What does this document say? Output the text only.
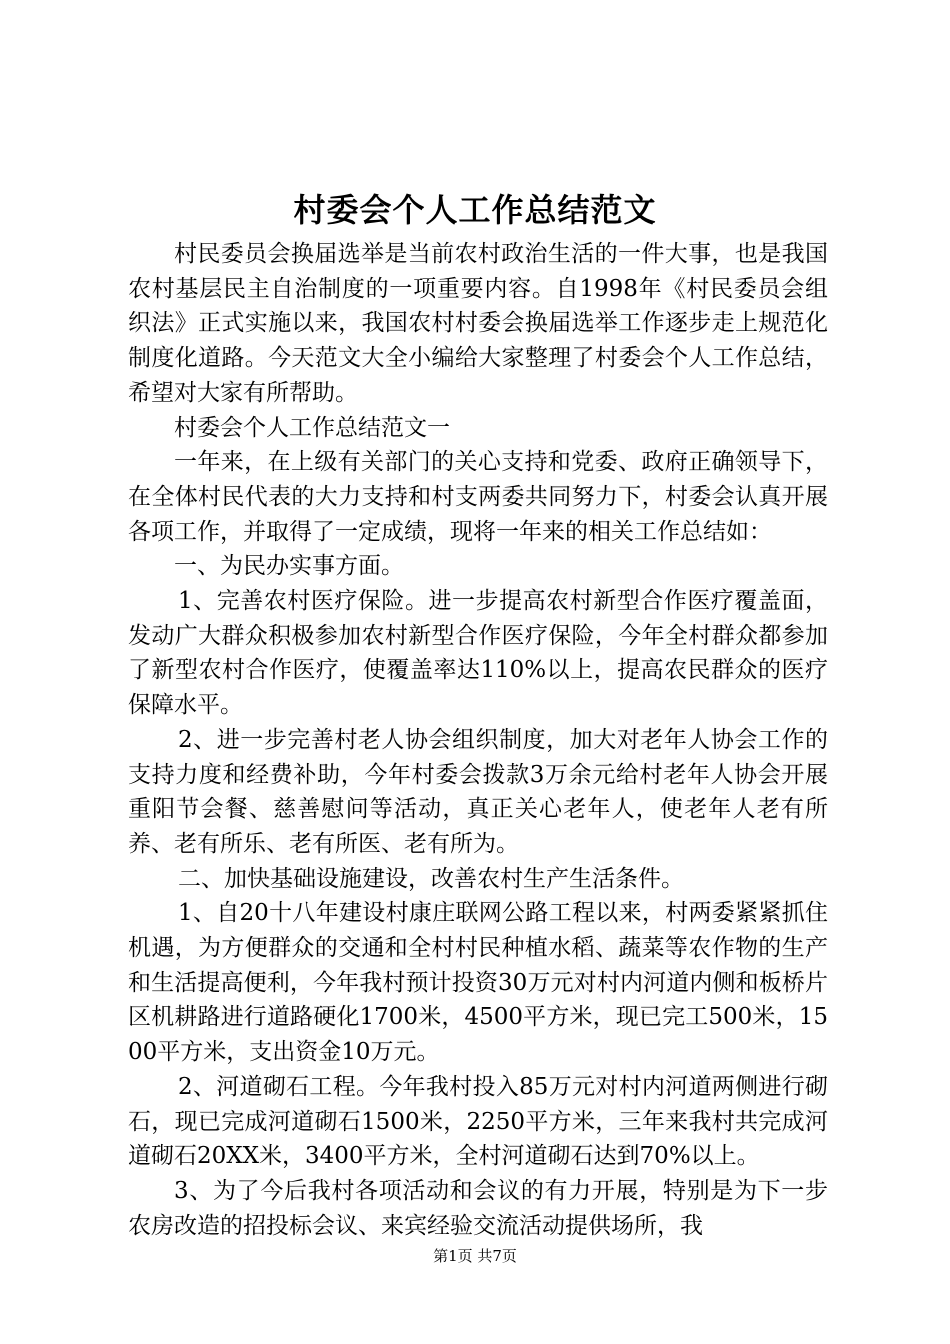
村委会个人工作总结范文

村民委员会换届选举是当前农村政治生活的一件大事，也是我国农村基层民主自治制度的一项重要内容。自1998年《村民委员会组织法》正式实施以来，我国农村村委会换届选举工作逐步走上规范化制度化道路。今天范文大全小编给大家整理了村委会个人工作总结，希望对大家有所帮助。

村委会个人工作总结范文一

一年来，在上级有关部门的关心支持和党委、政府正确领导下，在全体村民代表的大力支持和村支两委共同努力下，村委会认真开展各项工作，并取得了一定成绩，现将一年来的相关工作总结如：

一、为民办实事方面。

1、完善农村医疗保险。进一步提高农村新型合作医疗覆盖面，发动广大群众积极参加农村新型合作医疗保险，今年全村群众都参加了新型农村合作医疗，使覆盖率达110%以上，提高农民群众的医疗保障水平。

2、进一步完善村老人协会组织制度，加大对老年人协会工作的支持力度和经费补助，今年村委会拨款3万余元给村老年人协会开展重阳节会餐、慈善慰问等活动，真正关心老年人，使老年人老有所养、老有所乐、老有所医、老有所为。

二、加快基础设施建设，改善农村生产生活条件。

1、自20十八年建设村康庄联网公路工程以来，村两委紧紧抓住机遇，为方便群众的交通和全村村民种植水稻、蔬菜等农作物的生产和生活提高便利，今年我村预计投资30万元对村内河道内侧和板桥片区机耕路进行道路硬化1700米，4500平方米，现已完工500米，1500平方米，支出资金10万元。

2、河道砌石工程。今年我村投入85万元对村内河道两侧进行砌石，现已完成河道砌石1500米，2250平方米，三年来我村共完成河道砌石20XX米，3400平方米，全村河道砌石达到70%以上。

3、为了今后我村各项活动和会议的有力开展，特别是为下一步农房改造的招投标会议、来宾经验交流活动提供场所，我

第1页 共7页
